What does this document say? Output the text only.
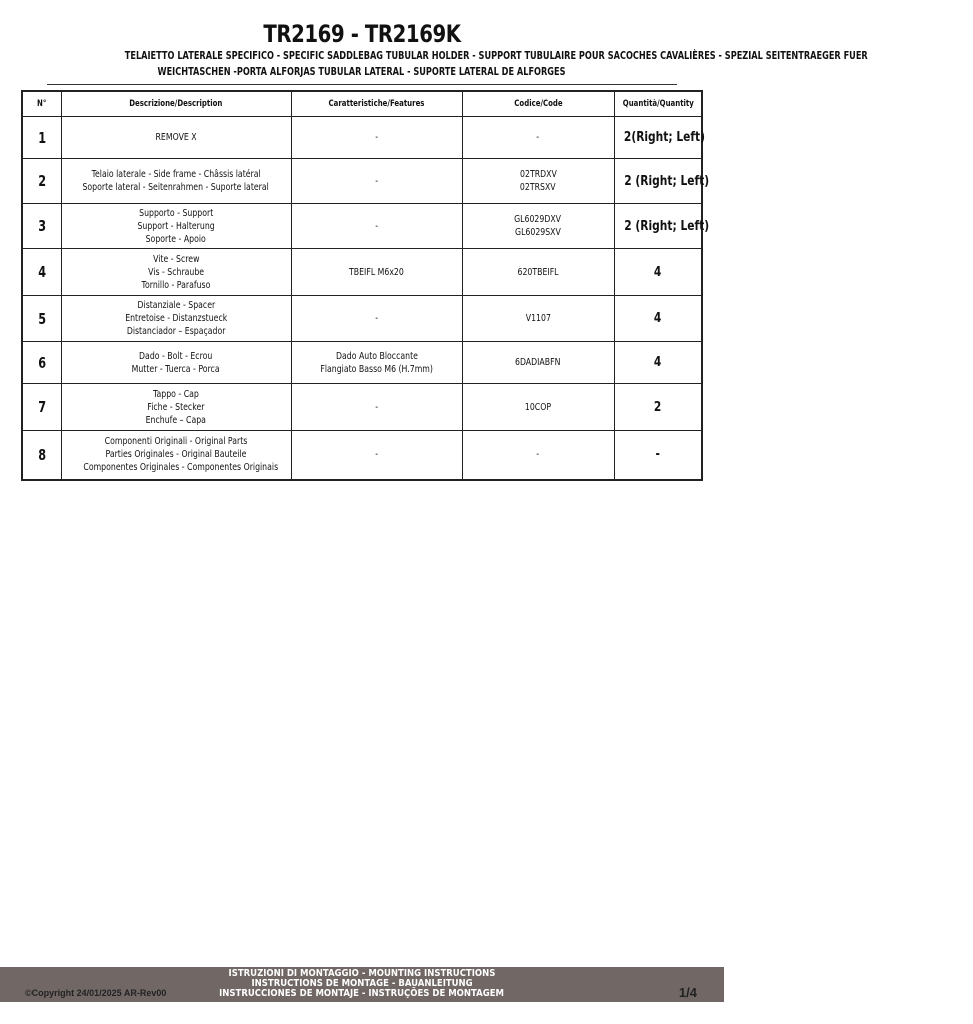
TR2169 - TR2169K
TELAIETTO LATERALE SPECIFICO - SPECIFIC SADDLEBAG TUBULAR HOLDER - SUPPORT TUBULAIRE POUR SACOCHES CAVALIÈRES - SPEZIAL SEITENTRAEGER FUER
WEICHTASCHEN -PORTA ALFORJAS TUBULAR LATERAL - SUPORTE LATERAL DE ALFORGES
N°	Descrizione/Description	Caratteristiche/Features	Codice/Code	Quantità/Quantity
1	REMOVE X	-	-	2(Right; Left)
2	Telaio laterale - Side frame - Châssis latéral
Soporte lateral - Seitenrahmen - Suporte lateral	-	02TRDXV
02TRSXV	2 (Right; Left)
3	Supporto - Support
Support - Halterung
Soporte - Apoio	-	GL6029DXV
GL6029SXV	2 (Right; Left)
4	Vite - Screw
Vis - Schraube
Tornillo - Parafuso	TBEIFL M6x20	620TBEIFL	4
5	Distanziale - Spacer
Entretoise - Distanzstueck
Distanciador – Espaçador	-	V1107	4
6	Dado - Bolt - Ecrou
Mutter - Tuerca - Porca	Dado Auto Bloccante
Flangiato Basso M6 (H.7mm)	6DADIABFN	4
7	Tappo - Cap
Fiche - Stecker
Enchufe – Capa	-	10COP	2
8	Componenti Originali - Original Parts
Parties Originales - Original Bauteile
Componentes Originales - Componentes Originais	-	-	-
ISTRUZIONI DI MONTAGGIO - MOUNTING INSTRUCTIONS
INSTRUCTIONS DE MONTAGE - BAUANLEITUNG
INSTRUCCIONES DE MONTAJE - INSTRUÇÕES DE MONTAGEM
©Copyright 24/01/2025 AR-Rev00	1/4
